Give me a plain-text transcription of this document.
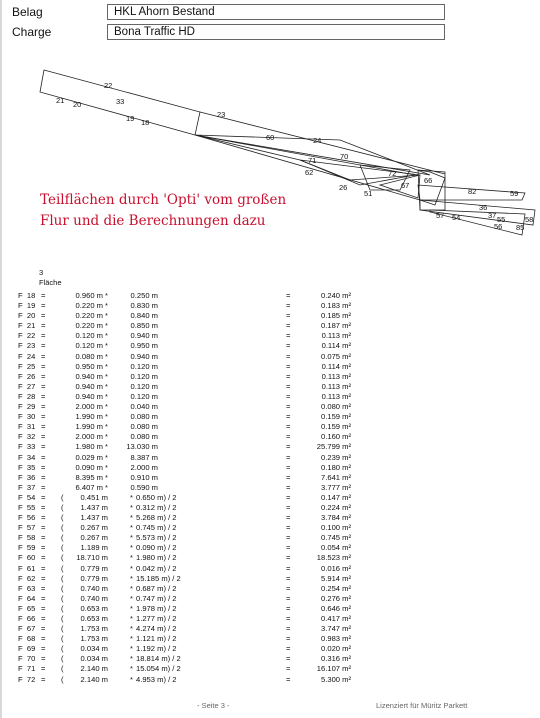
Belag	HKL Ahorn Bestand
Charge	Bona Traffic HD
22
21 20	33
19 18
23
60	24
70
71
62	72
67
26
51	82
56 85
55
37
36
57 54	58
59
66
Teilflächen durch 'Opti' vom großen
Flur und die Berechnungen dazu
3
Fläche
F  18 =	0.960 m *	0.250 m	=	0.240 m²
F  19 =	0.220 m *	0.830 m	=	0.183 m²
F  20 =	0.220 m *	0.840 m	=	0.185 m²
F  21 =	0.220 m *	0.850 m	=	0.187 m²
F  22 =	0.120 m *	0.940 m	=	0.113 m²
F  23 =	0.120 m *	0.950 m	=	0.114 m²
F  24 =	0.080 m *	0.940 m	=	0.075 m²
F  25 =	0.950 m *	0.120 m	=	0.114 m²
F  26 =	0.940 m *	0.120 m	=	0.113 m²
F  27 =	0.940 m *	0.120 m	=	0.113 m²
F  28 =	0.940 m *	0.120 m	=	0.113 m²
F  29 =	2.000 m *	0.040 m	=	0.080 m²
F  30 =	1.990 m *	0.080 m	=	0.159 m²
F  31 =	1.990 m *	0.080 m	=	0.159 m²
F  32 =	2.000 m *	0.080 m	=	0.160 m²
F  33 =	1.980 m *	13.030 m	=	25.799 m²
F  34 =	0.029 m *	8.387 m	=	0.239 m²
F  35 =	0.090 m *	2.000 m	=	0.180 m²
F  36 =	8.395 m *	0.910 m	=	7.641 m²
F  37 =	6.407 m *	0.590 m	=	3.777 m²
F  54 = (	0.451 m	* 0.650 m) / 2	=	0.147 m²
F  55 = (	1.437 m	* 0.312 m) / 2	=	0.224 m²
F  56 = (	1.437 m	* 5.268 m) / 2	=	3.784 m²
F  57 = (	0.267 m	* 0.745 m) / 2	=	0.100 m²
F  58 = (	0.267 m	* 5.573 m) / 2	=	0.745 m²
F  59 = (	1.189 m	* 0.090 m) / 2	=	0.054 m²
F  60 = (	18.710 m	* 1.980 m) / 2	=	18.523 m²
F  61 = (	0.779 m	* 0.042 m) / 2	=	0.016 m²
F  62 = (	0.779 m	* 15.185 m) / 2	=	5.914 m²
F  63 = (	0.740 m	* 0.687 m) / 2	=	0.254 m²
F  64 = (	0.740 m	* 0.747 m) / 2	=	0.276 m²
F  65 = (	0.653 m	* 1.978 m) / 2	=	0.646 m²
F  66 = (	0.653 m	* 1.277 m) / 2	=	0.417 m²
F  67 = (	1.753 m	* 4.274 m) / 2	=	3.747 m²
F  68 = (	1.753 m	* 1.121 m) / 2	=	0.983 m²
F  69 = (	0.034 m	* 1.192 m) / 2	=	0.020 m²
F  70 = (	0.034 m	* 18.814 m) / 2	=	0.316 m²
F  71 = (	2.140 m	* 15.054 m) / 2	=	16.107 m²
F  72 = (	2.140 m	* 4.953 m) / 2	=	5.300 m²
- Seite 3 -	Lizenziert für Müritz Parkett
